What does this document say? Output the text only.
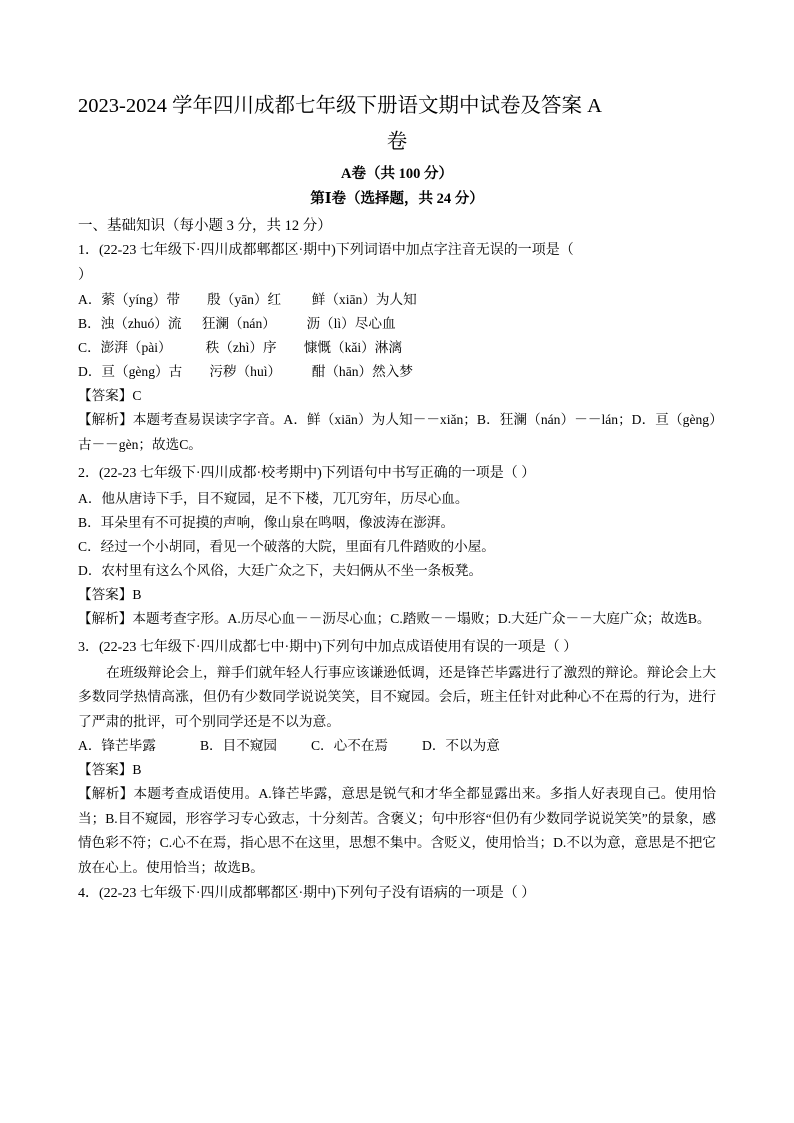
2023-2024 学年四川成都七年级下册语文期中试卷及答案 A
卷

A卷（共 100 分）

第Ⅰ卷（选择题，共 24 分）

一、基础知识（每小题 3 分，共 12 分）

1．(22-23 七年级下·四川成都郫都区·期中)下列词语中加点字注音无误的一项是（

）

A．萦（yíng）带        殷（yān）红         鲜（xiān）为人知

B．浊（zhuó）流      狂澜（nán）         沥（lì）尽心血

C．澎湃（pài）          秩（zhì）序        慷慨（kǎi）淋漓

D．亘（gèng）古        污秽（huì）         酣（hān）然入梦

【答案】C

【解析】本题考查易误读字字音。A．鲜（xiān）为人知－－xiǎn；B．狂澜（nán）－－lán；D．亘（gèng）古－－gèn；故选C。

2．(22-23 七年级下·四川成都·校考期中)下列语句中书写正确的一项是（ ）

A．他从唐诗下手，目不窥园，足不下楼，兀兀穷年，历尽心血。

B．耳朵里有不可捉摸的声响，像山泉在鸣咽，像波涛在澎湃。

C．经过一个小胡同，看见一个破落的大院，里面有几件踏败的小屋。

D．农村里有这么个风俗，大廷广众之下，夫妇俩从不坐一条板凳。

【答案】B

【解析】本题考查字形。A.历尽心血－－沥尽心血；C.踏败－－塌败；D.大廷广众－－大庭广众；故选B。

3．(22-23 七年级下·四川成都七中·期中)下列句中加点成语使用有误的一项是（ ）

在班级辩论会上，辩手们就年轻人行事应该谦逊低调，还是锋芒毕露进行了激烈的辩论。辩论会上大多数同学热情高涨，但仍有少数同学说说笑笑，目不窥园。会后，班主任针对此种心不在焉的行为，进行了严肃的批评，可个别同学还是不以为意。

A．锋芒毕露             B．目不窥园          C．心不在焉          D．不以为意

【答案】B

【解析】本题考查成语使用。A.锋芒毕露，意思是锐气和才华全都显露出来。多指人好表现自己。使用恰当；B.目不窥园，形容学习专心致志，十分刻苦。含褒义；句中形容“但仍有少数同学说说笑笑”的景象，感情色彩不符；C.心不在焉，指心思不在这里，思想不集中。含贬义，使用恰当；D.不以为意，意思是不把它放在心上。使用恰当；故选B。

4．(22-23 七年级下·四川成都郫都区·期中)下列句子没有语病的一项是（ ）
